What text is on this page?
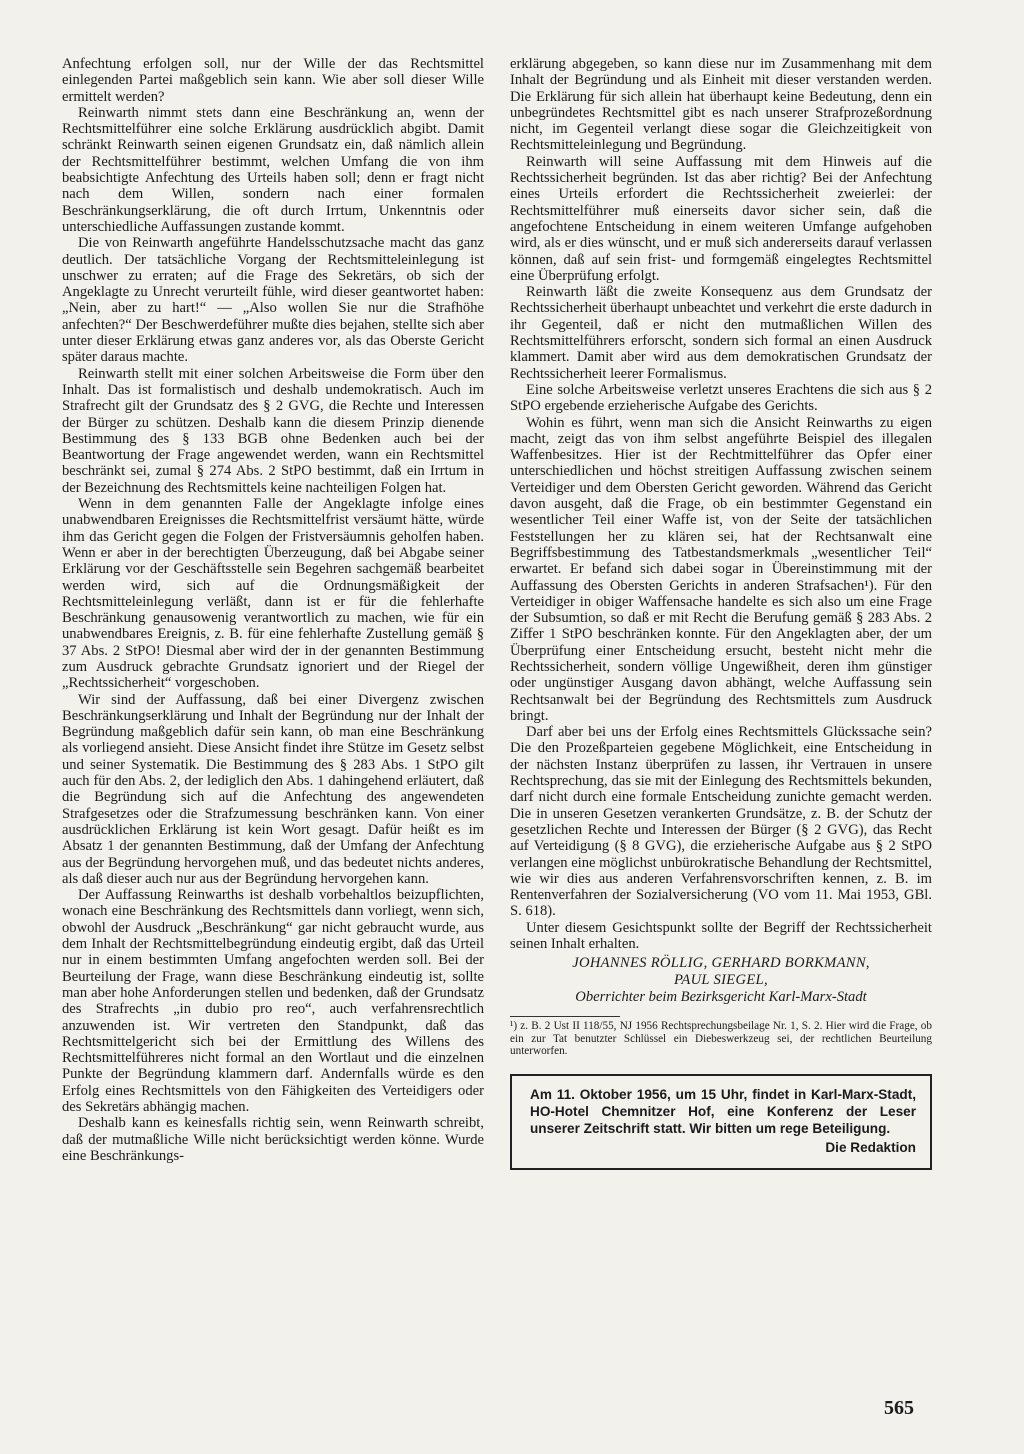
Anfechtung erfolgen soll, nur der Wille der das Rechtsmittel einlegenden Partei maßgeblich sein kann. Wie aber soll dieser Wille ermittelt werden?

Reinwarth nimmt stets dann eine Beschränkung an, wenn der Rechtsmittelführer eine solche Erklärung ausdrücklich abgibt. Damit schränkt Reinwarth seinen eigenen Grundsatz ein, daß nämlich allein der Rechtsmittelführer bestimmt, welchen Umfang die von ihm beabsichtigte Anfechtung des Urteils haben soll; denn er fragt nicht nach dem Willen, sondern nach einer formalen Beschränkungserklärung, die oft durch Irrtum, Unkenntnis oder unterschiedliche Auffassungen zustande kommt.

Die von Reinwarth angeführte Handelsschutzsache macht das ganz deutlich. Der tatsächliche Vorgang der Rechtsmitteleinlegung ist unschwer zu erraten; auf die Frage des Sekretärs, ob sich der Angeklagte zu Unrecht verurteilt fühle, wird dieser geantwortet haben: „Nein, aber zu hart!“ — „Also wollen Sie nur die Strafhöhe anfechten?“ Der Beschwerdeführer mußte dies bejahen, stellte sich aber unter dieser Erklärung etwas ganz anderes vor, als das Oberste Gericht später daraus machte.

Reinwarth stellt mit einer solchen Arbeitsweise die Form über den Inhalt. Das ist formalistisch und deshalb undemokratisch. Auch im Strafrecht gilt der Grundsatz des § 2 GVG, die Rechte und Interessen der Bürger zu schützen. Deshalb kann die diesem Prinzip dienende Bestimmung des § 133 BGB ohne Bedenken auch bei der Beantwortung der Frage angewendet werden, wann ein Rechtsmittel beschränkt sei, zumal § 274 Abs. 2 StPO bestimmt, daß ein Irrtum in der Bezeichnung des Rechtsmittels keine nachteiligen Folgen hat.

Wenn in dem genannten Falle der Angeklagte infolge eines unabwendbaren Ereignisses die Rechtsmittelfrist versäumt hätte, würde ihm das Gericht gegen die Folgen der Fristversäumnis geholfen haben. Wenn er aber in der berechtigten Überzeugung, daß bei Abgabe seiner Erklärung vor der Geschäftsstelle sein Begehren sachgemäß bearbeitet werden wird, sich auf die Ordnungsmäßigkeit der Rechtsmitteleinlegung verläßt, dann ist er für die fehlerhafte Beschränkung genausowenig verantwortlich zu machen, wie für ein unabwendbares Ereignis, z. B. für eine fehlerhafte Zustellung gemäß § 37 Abs. 2 StPO! Diesmal aber wird der in der genannten Bestimmung zum Ausdruck gebrachte Grundsatz ignoriert und der Riegel der „Rechtssicherheit“ vorgeschoben.

Wir sind der Auffassung, daß bei einer Divergenz zwischen Beschränkungserklärung und Inhalt der Begründung nur der Inhalt der Begründung maßgeblich dafür sein kann, ob man eine Beschränkung als vorliegend ansieht. Diese Ansicht findet ihre Stütze im Gesetz selbst und seiner Systematik. Die Bestimmung des § 283 Abs. 1 StPO gilt auch für den Abs. 2, der lediglich den Abs. 1 dahingehend erläutert, daß die Begründung sich auf die Anfechtung des angewendeten Strafgesetzes oder die Strafzumessung beschränken kann. Von einer ausdrücklichen Erklärung ist kein Wort gesagt. Dafür heißt es im Absatz 1 der genannten Bestimmung, daß der Umfang der Anfechtung aus der Begründung hervorgehen muß, und das bedeutet nichts anderes, als daß dieser auch nur aus der Begründung hervorgehen kann.

Der Auffassung Reinwarths ist deshalb vorbehaltlos beizupflichten, wonach eine Beschränkung des Rechtsmittels dann vorliegt, wenn sich, obwohl der Ausdruck „Beschränkung“ gar nicht gebraucht wurde, aus dem Inhalt der Rechtsmittelbegründung eindeutig ergibt, daß das Urteil nur in einem bestimmten Umfang angefochten werden soll. Bei der Beurteilung der Frage, wann diese Beschränkung eindeutig ist, sollte man aber hohe Anforderungen stellen und bedenken, daß der Grundsatz des Strafrechts „in dubio pro reo“, auch verfahrensrechtlich anzuwenden ist. Wir vertreten den Standpunkt, daß das Rechtsmittelgericht sich bei der Ermittlung des Willens des Rechtsmittelführeres nicht formal an den Wortlaut und die einzelnen Punkte der Begründung klammern darf. Andernfalls würde es den Erfolg eines Rechtsmittels von den Fähigkeiten des Verteidigers oder des Sekretärs abhängig machen.

Deshalb kann es keinesfalls richtig sein, wenn Reinwarth schreibt, daß der mutmaßliche Wille nicht berücksichtigt werden könne. Wurde eine Beschränkungs-

erklärung abgegeben, so kann diese nur im Zusammenhang mit dem Inhalt der Begründung und als Einheit mit dieser verstanden werden. Die Erklärung für sich allein hat überhaupt keine Bedeutung, denn ein unbegründetes Rechtsmittel gibt es nach unserer Strafprozeßordnung nicht, im Gegenteil verlangt diese sogar die Gleichzeitigkeit von Rechtsmitteleinlegung und Begründung.

Reinwarth will seine Auffassung mit dem Hinweis auf die Rechtssicherheit begründen. Ist das aber richtig? Bei der Anfechtung eines Urteils erfordert die Rechtssicherheit zweierlei: der Rechtsmittelführer muß einerseits davor sicher sein, daß die angefochtene Entscheidung in einem weiteren Umfange aufgehoben wird, als er dies wünscht, und er muß sich andererseits darauf verlassen können, daß auf sein frist- und formgemäß eingelegtes Rechtsmittel eine Überprüfung erfolgt.

Reinwarth läßt die zweite Konsequenz aus dem Grundsatz der Rechtssicherheit überhaupt unbeachtet und verkehrt die erste dadurch in ihr Gegenteil, daß er nicht den mutmaßlichen Willen des Rechtsmittelführers erforscht, sondern sich formal an einen Ausdruck klammert. Damit aber wird aus dem demokratischen Grundsatz der Rechtssicherheit leerer Formalismus.

Eine solche Arbeitsweise verletzt unseres Erachtens die sich aus § 2 StPO ergebende erzieherische Aufgabe des Gerichts.

Wohin es führt, wenn man sich die Ansicht Reinwarths zu eigen macht, zeigt das von ihm selbst angeführte Beispiel des illegalen Waffenbesitzes. Hier ist der Rechtmittelführer das Opfer einer unterschiedlichen und höchst streitigen Auffassung zwischen seinem Verteidiger und dem Obersten Gericht geworden. Während das Gericht davon ausgeht, daß die Frage, ob ein bestimmter Gegenstand ein wesentlicher Teil einer Waffe ist, von der Seite der tatsächlichen Feststellungen her zu klären sei, hat der Rechtsanwalt eine Begriffsbestimmung des Tatbestandsmerkmals „wesentlicher Teil“ erwartet. Er befand sich dabei sogar in Übereinstimmung mit der Auffassung des Obersten Gerichts in anderen Strafsachen¹). Für den Verteidiger in obiger Waffensache handelte es sich also um eine Frage der Subsumtion, so daß er mit Recht die Berufung gemäß § 283 Abs. 2 Ziffer 1 StPO beschränken konnte. Für den Angeklagten aber, der um Überprüfung einer Entscheidung ersucht, besteht nicht mehr die Rechtssicherheit, sondern völlige Ungewißheit, deren ihm günstiger oder ungünstiger Ausgang davon abhängt, welche Auffassung sein Rechtsanwalt bei der Begründung des Rechtsmittels zum Ausdruck bringt.

Darf aber bei uns der Erfolg eines Rechtsmittels Glückssache sein? Die den Prozeßparteien gegebene Möglichkeit, eine Entscheidung in der nächsten Instanz überprüfen zu lassen, ihr Vertrauen in unsere Rechtsprechung, das sie mit der Einlegung des Rechtsmittels bekunden, darf nicht durch eine formale Entscheidung zunichte gemacht werden. Die in unseren Gesetzen verankerten Grundsätze, z. B. der Schutz der gesetzlichen Rechte und Interessen der Bürger (§ 2 GVG), das Recht auf Verteidigung (§ 8 GVG), die erzieherische Aufgabe aus § 2 StPO verlangen eine möglichst unbürokratische Behandlung der Rechtsmittel, wie wir dies aus anderen Verfahrensvorschriften kennen, z. B. im Rentenverfahren der Sozialversicherung (VO vom 11. Mai 1953, GBl. S. 618).

Unter diesem Gesichtspunkt sollte der Begriff der Rechtssicherheit seinen Inhalt erhalten.

JOHANNES RÖLLIG, GERHARD BORKMANN,
PAUL SIEGEL,
Oberrichter beim Bezirksgericht Karl-Marx-Stadt
¹) z. B. 2 Ust II 118/55, NJ 1956 Rechtsprechungsbeilage Nr. 1, S. 2. Hier wird die Frage, ob ein zur Tat benutzter Schlüssel ein Diebeswerkzeug sei, der rechtlichen Beurteilung unterworfen.
Am 11. Oktober 1956, um 15 Uhr, findet in Karl-Marx-Stadt, HO-Hotel Chemnitzer Hof, eine Konferenz der Leser unserer Zeitschrift statt. Wir bitten um rege Beteiligung.
Die Redaktion
565
